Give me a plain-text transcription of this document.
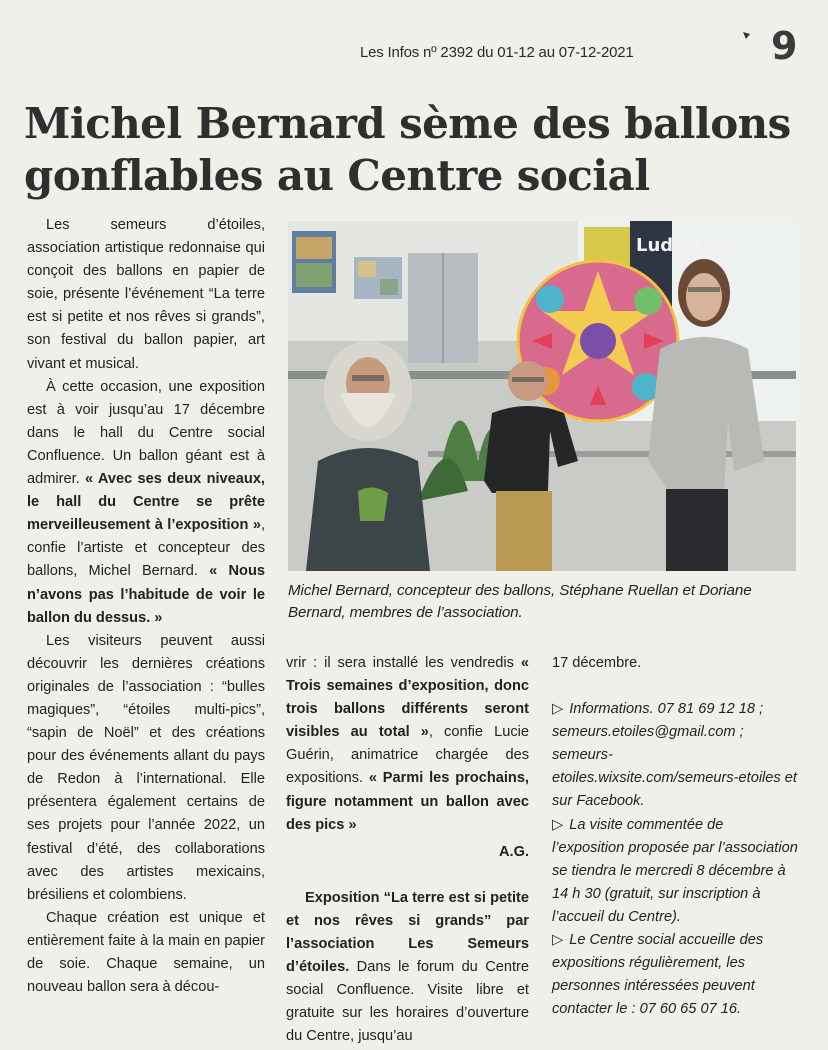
Les Infos nº 2392 du 01-12 au 07-12-2021	9
Michel Bernard sème des ballons
gonflables au Centre social

Les semeurs d’étoiles, association artistique redonnaise qui conçoit des ballons en papier de soie, présente l’événement “La terre est si petite et nos rêves si grands”, son festival du ballon papier, art vivant et musical.

À cette occasion, une exposition est à voir jusqu’au 17 décembre dans le hall du Centre social Confluence. Un ballon géant est à admirer. « Avec ses deux niveaux, le hall du Centre se prête merveilleusement à l’exposition », confie l’artiste et concepteur des ballons, Michel Bernard. « Nous n’avons pas l’habitude de voir le ballon du dessus. »

Les visiteurs peuvent aussi découvrir les dernières créations originales de l’association : “bulles magiques”, “étoiles multi-pics”, “sapin de Noël” et des créations pour des événements allant du pays de Redon à l’international. Elle présentera également certains de ses projets pour l’année 2022, un festival d’été, des collaborations avec des artistes mexicains, brésiliens et colombiens.

Chaque création est unique et entièrement faite à la main en papier de soie. Chaque semaine, un nouveau ballon sera à décou-

Ludo Thé
Michel Bernard, concepteur des ballons, Stéphane Ruellan et Doriane Bernard, membres de l’association.

vrir : il sera installé les vendredis « Trois semaines d’exposition, donc trois ballons différents seront visibles au total », confie Lucie Guérin, animatrice chargée des expositions. « Parmi les prochains, figure notamment un ballon avec des pics »

A.G.

Exposition “La terre est si petite et nos rêves si grands” par l’association Les Semeurs d’étoiles. Dans le forum du Centre social Confluence. Visite libre et gratuite sur les horaires d’ouverture du Centre, jusqu’au

17 décembre.

▷ Informations. 07 81 69 12 18 ; semeurs.etoiles@gmail.com ; semeurs-etoiles.wixsite.com/semeurs-etoiles et sur Facebook.

▷ La visite commentée de l’exposition proposée par l’association se tiendra le mercredi 8 décembre à 14 h 30 (gratuit, sur inscription à l’accueil du Centre).

▷ Le Centre social accueille des expositions régulièrement, les personnes intéressées peuvent contacter le : 07 60 65 07 16.
